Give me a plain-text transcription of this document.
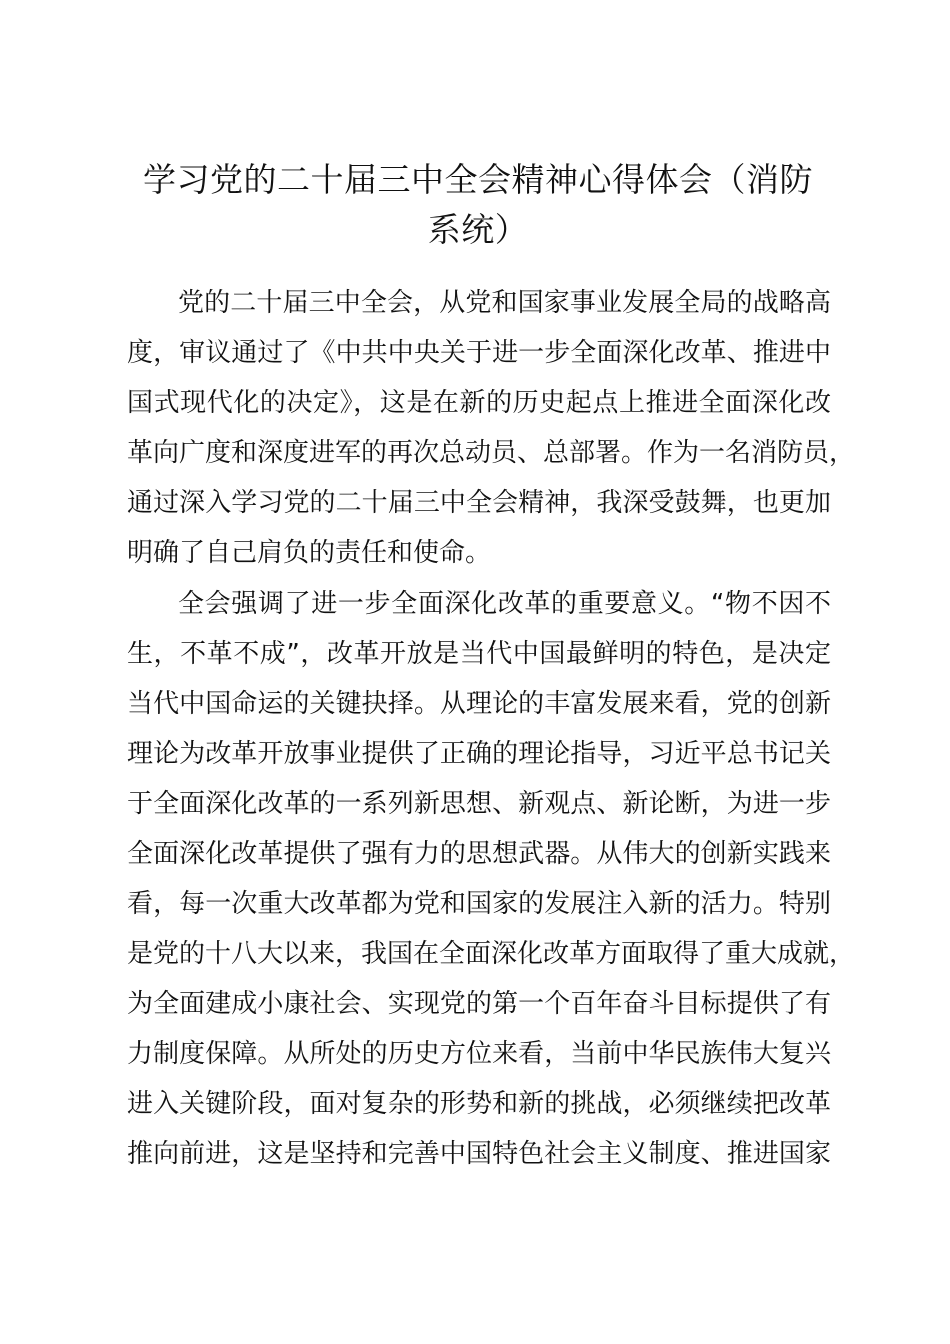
学习党的二十届三中全会精神心得体会（消防
系统）
党的二十届三中全会，从党和国家事业发展全局的战略高
度，审议通过了《中共中央关于进一步全面深化改革、推进中
国式现代化的决定》，这是在新的历史起点上推进全面深化改
革向广度和深度进军的再次总动员、总部署。作为一名消防员，
通过深入学习党的二十届三中全会精神，我深受鼓舞，也更加
明确了自己肩负的责任和使命。
全会强调了进一步全面深化改革的重要意义。“物不因不
生，不革不成”，改革开放是当代中国最鲜明的特色，是决定
当代中国命运的关键抉择。从理论的丰富发展来看，党的创新
理论为改革开放事业提供了正确的理论指导，习近平总书记关
于全面深化改革的一系列新思想、新观点、新论断，为进一步
全面深化改革提供了强有力的思想武器。从伟大的创新实践来
看，每一次重大改革都为党和国家的发展注入新的活力。特别
是党的十八大以来，我国在全面深化改革方面取得了重大成就，
为全面建成小康社会、实现党的第一个百年奋斗目标提供了有
力制度保障。从所处的历史方位来看，当前中华民族伟大复兴
进入关键阶段，面对复杂的形势和新的挑战，必须继续把改革
推向前进，这是坚持和完善中国特色社会主义制度、推进国家
